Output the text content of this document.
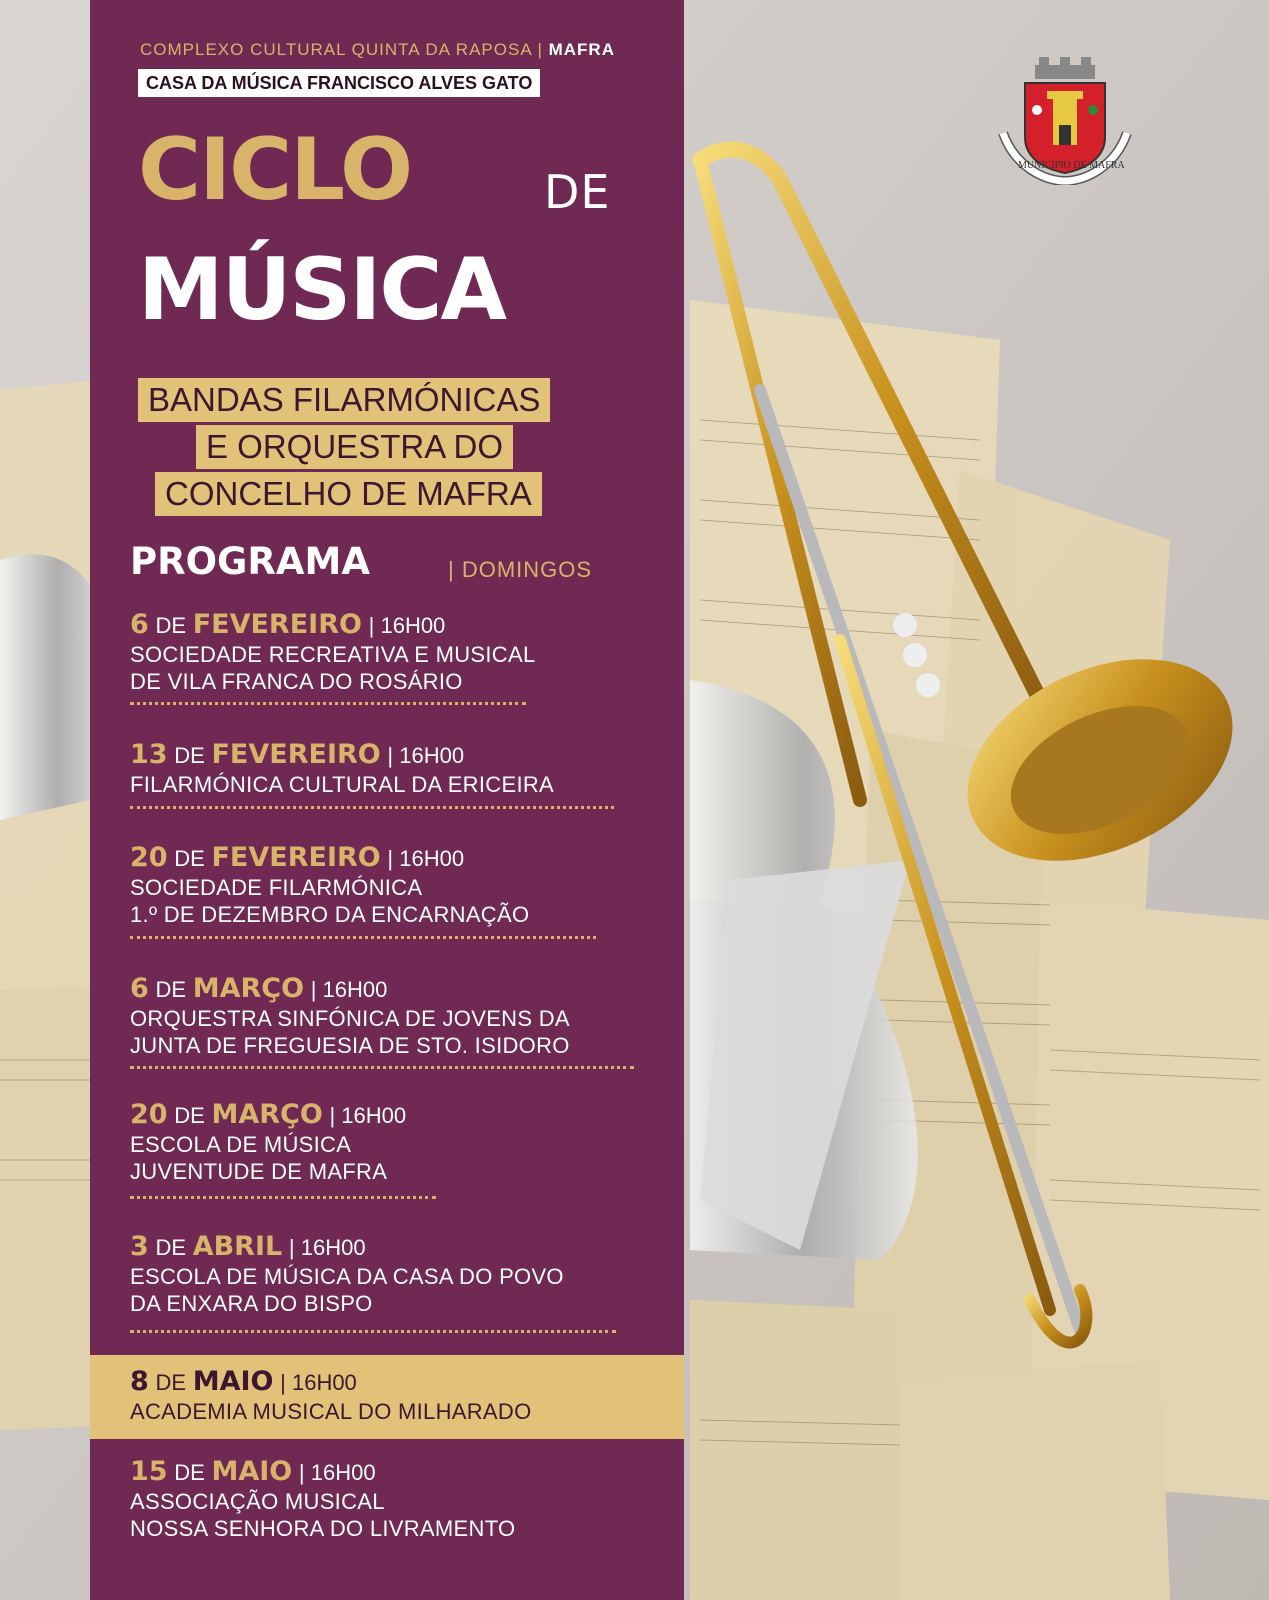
COMPLEXO CULTURAL QUINTA DA RAPOSA | MAFRA
CASA DA MÚSICA FRANCISCO ALVES GATO
CICLO	DE
MÚSICA
BANDAS FILARMÓNICAS
E ORQUESTRA DO
CONCELHO DE MAFRA
PROGRAMA	| DOMINGOS
6 DE FEVEREIRO | 16H00
SOCIEDADE RECREATIVA E MUSICAL
DE VILA FRANCA DO ROSÁRIO
13 DE FEVEREIRO | 16H00
FILARMÓNICA CULTURAL DA ERICEIRA
20 DE FEVEREIRO | 16H00
SOCIEDADE FILARMÓNICA
1.º DE DEZEMBRO DA ENCARNAÇÃO
6 DE MARÇO | 16H00
ORQUESTRA SINFÓNICA DE JOVENS DA
JUNTA DE FREGUESIA DE STO. ISIDORO
20 DE MARÇO | 16H00
ESCOLA DE MÚSICA
JUVENTUDE DE MAFRA
3 DE ABRIL | 16H00
ESCOLA DE MÚSICA DA CASA DO POVO
DA ENXARA DO BISPO
8 DE MAIO | 16H00
ACADEMIA MUSICAL DO MILHARADO
15 DE MAIO | 16H00
ASSOCIAÇÃO MUSICAL
NOSSA SENHORA DO LIVRAMENTO
MUNICÍPIO DE MAFRA
